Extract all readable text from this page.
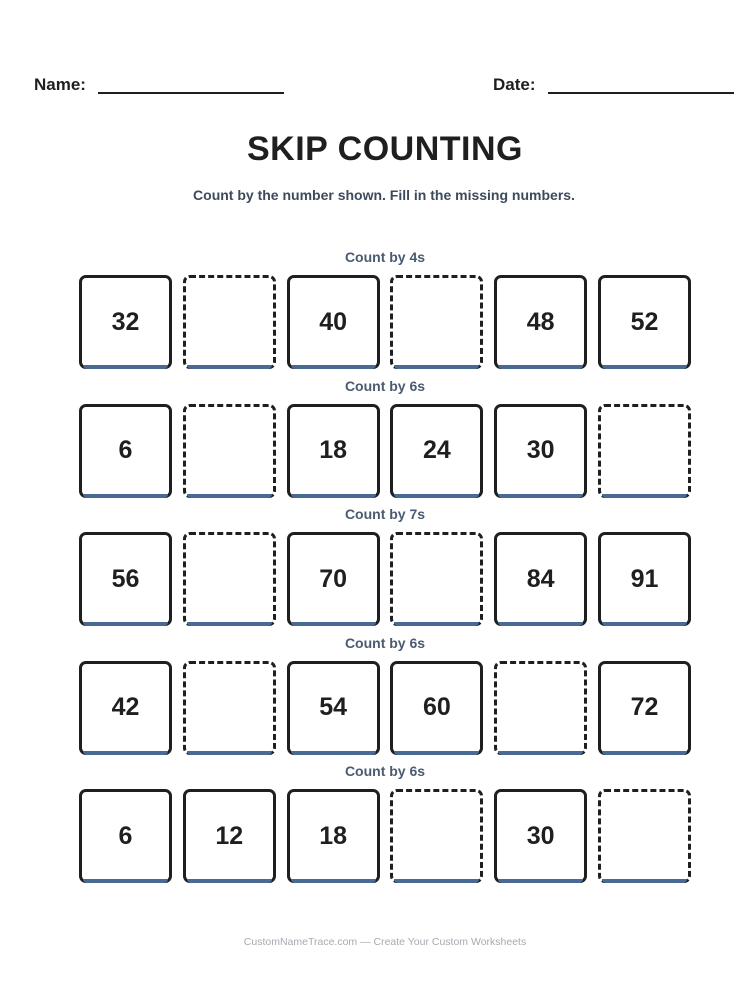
Name:	Date:
SKIP COUNTING
Count by the number shown. Fill in the missing numbers.
Count by 4s
32	40	48	52
Count by 6s
6	18	24	30
Count by 7s
56	70	84	91
Count by 6s
42	54	60	72
Count by 6s
6	12	18	30
CustomNameTrace.com — Create Your Custom Worksheets
